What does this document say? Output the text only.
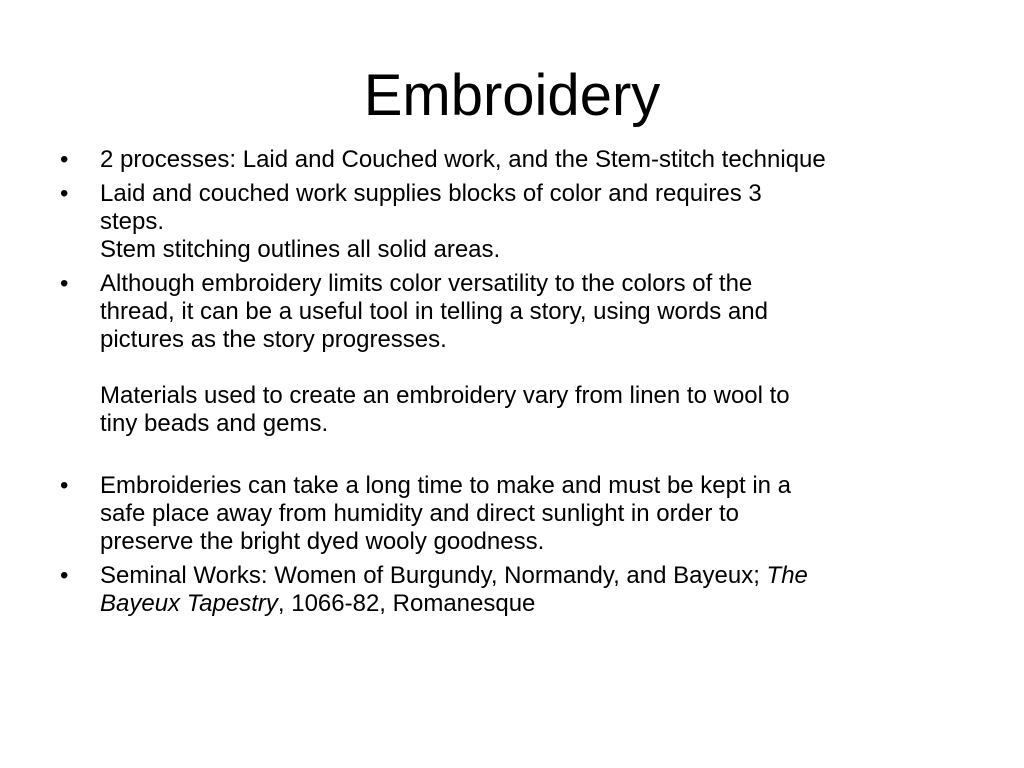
Embroidery
•	2 processes: Laid and Couched work, and the Stem-stitch technique
•	Laid and couched work supplies blocks of color and requires 3
steps.
Stem stitching outlines all solid areas.
•	Although embroidery limits color versatility to the colors of the
thread, it can be a useful tool in telling a story, using words and
pictures as the story progresses.
Materials used to create an embroidery vary from linen to wool to
tiny beads and gems.
•	Embroideries can take a long time to make and must be kept in a
safe place away from humidity and direct sunlight in order to
preserve the bright dyed wooly goodness.
•	Seminal Works: Women of Burgundy, Normandy, and Bayeux; The
Bayeux Tapestry, 1066-82, Romanesque
